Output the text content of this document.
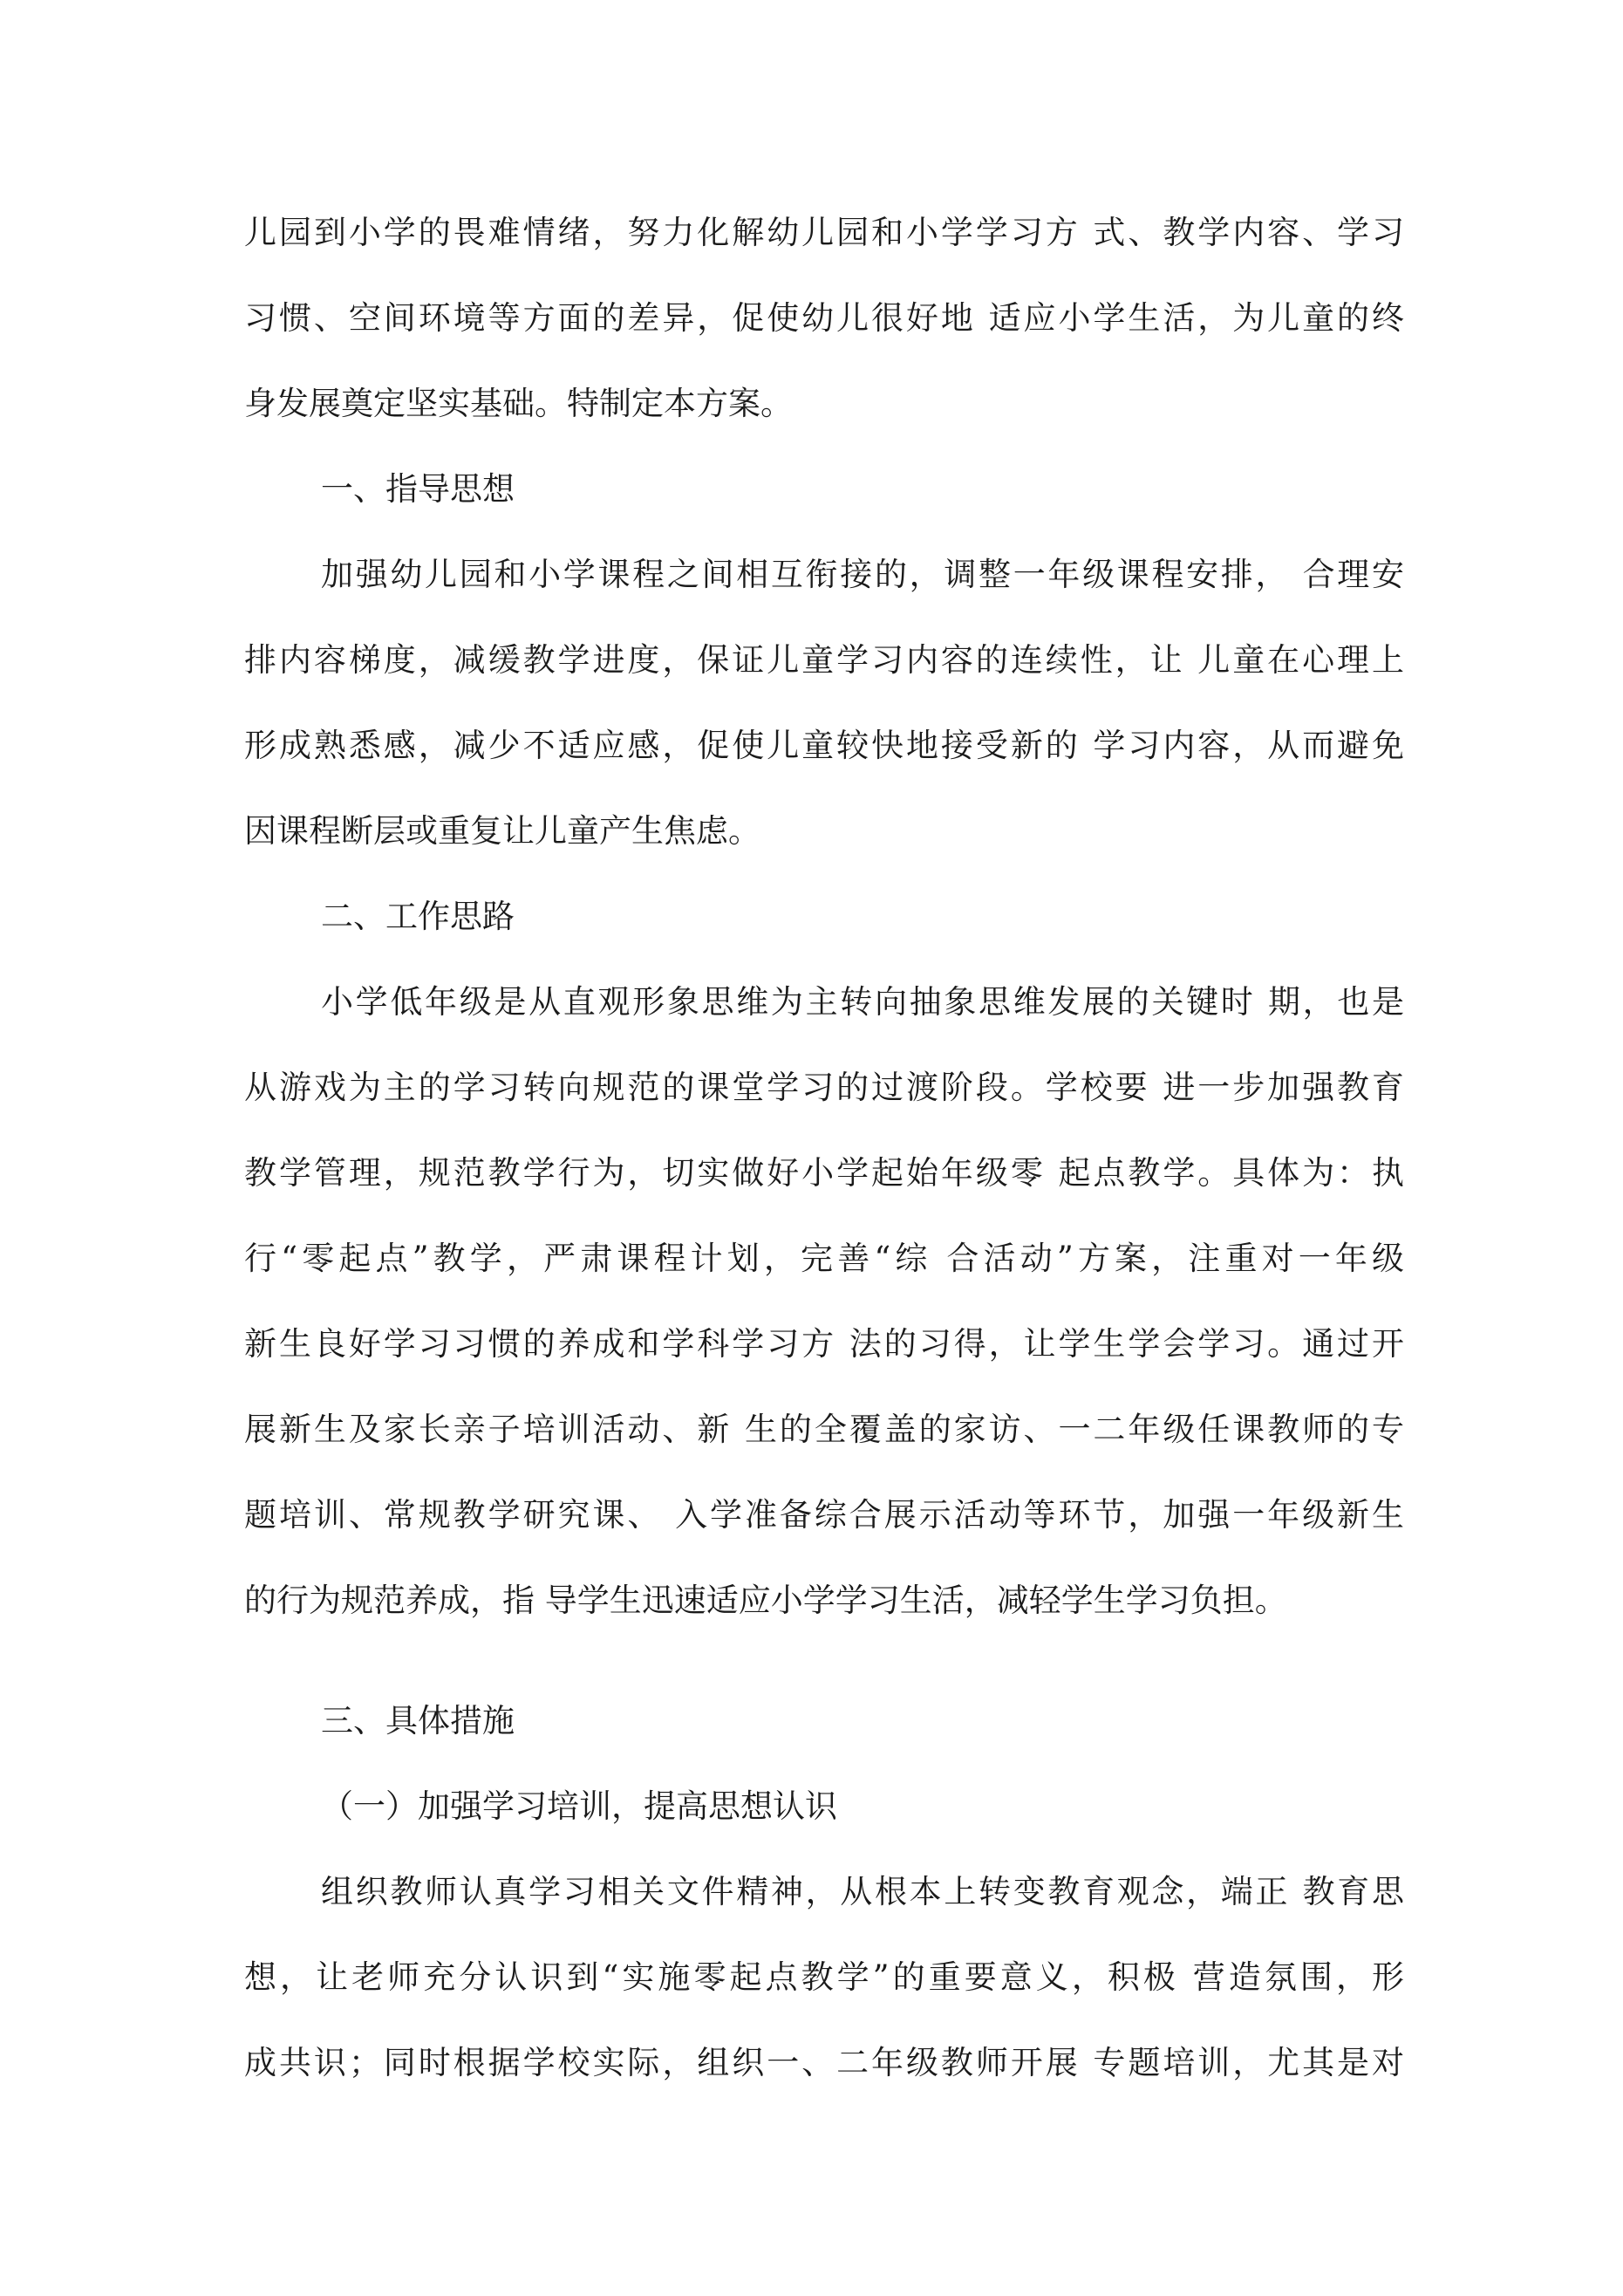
儿园到小学的畏难情绪，努力化解幼儿园和小学学习方 式、教学内容、学习
习惯、空间环境等方面的差异，促使幼儿很好地 适应小学生活，为儿童的终
身发展奠定坚实基础。特制定本方案。
一、指导思想
加强幼儿园和小学课程之间相互衔接的，调整一年级课程安排， 合理安
排内容梯度，减缓教学进度，保证儿童学习内容的连续性，让 儿童在心理上
形成熟悉感，减少不适应感，促使儿童较快地接受新的 学习内容，从而避免
因课程断层或重复让儿童产生焦虑。
二、工作思路
小学低年级是从直观形象思维为主转向抽象思维发展的关键时 期，也是
从游戏为主的学习转向规范的课堂学习的过渡阶段。学校要 进一步加强教育
教学管理，规范教学行为，切实做好小学起始年级零 起点教学。具体为：执
行“零起点”教学，严肃课程计划，完善“综 合活动”方案，注重对一年级
新生良好学习习惯的养成和学科学习方 法的习得，让学生学会学习。通过开
展新生及家长亲子培训活动、新 生的全覆盖的家访、一二年级任课教师的专
题培训、常规教学研究课、 入学准备综合展示活动等环节，加强一年级新生
的行为规范养成，指 导学生迅速适应小学学习生活，减轻学生学习负担。
三、具体措施
（一）加强学习培训，提高思想认识
组织教师认真学习相关文件精神，从根本上转变教育观念，端正 教育思
想，让老师充分认识到“实施零起点教学”的重要意义，积极 营造氛围，形
成共识；同时根据学校实际，组织一、二年级教师开展 专题培训，尤其是对
